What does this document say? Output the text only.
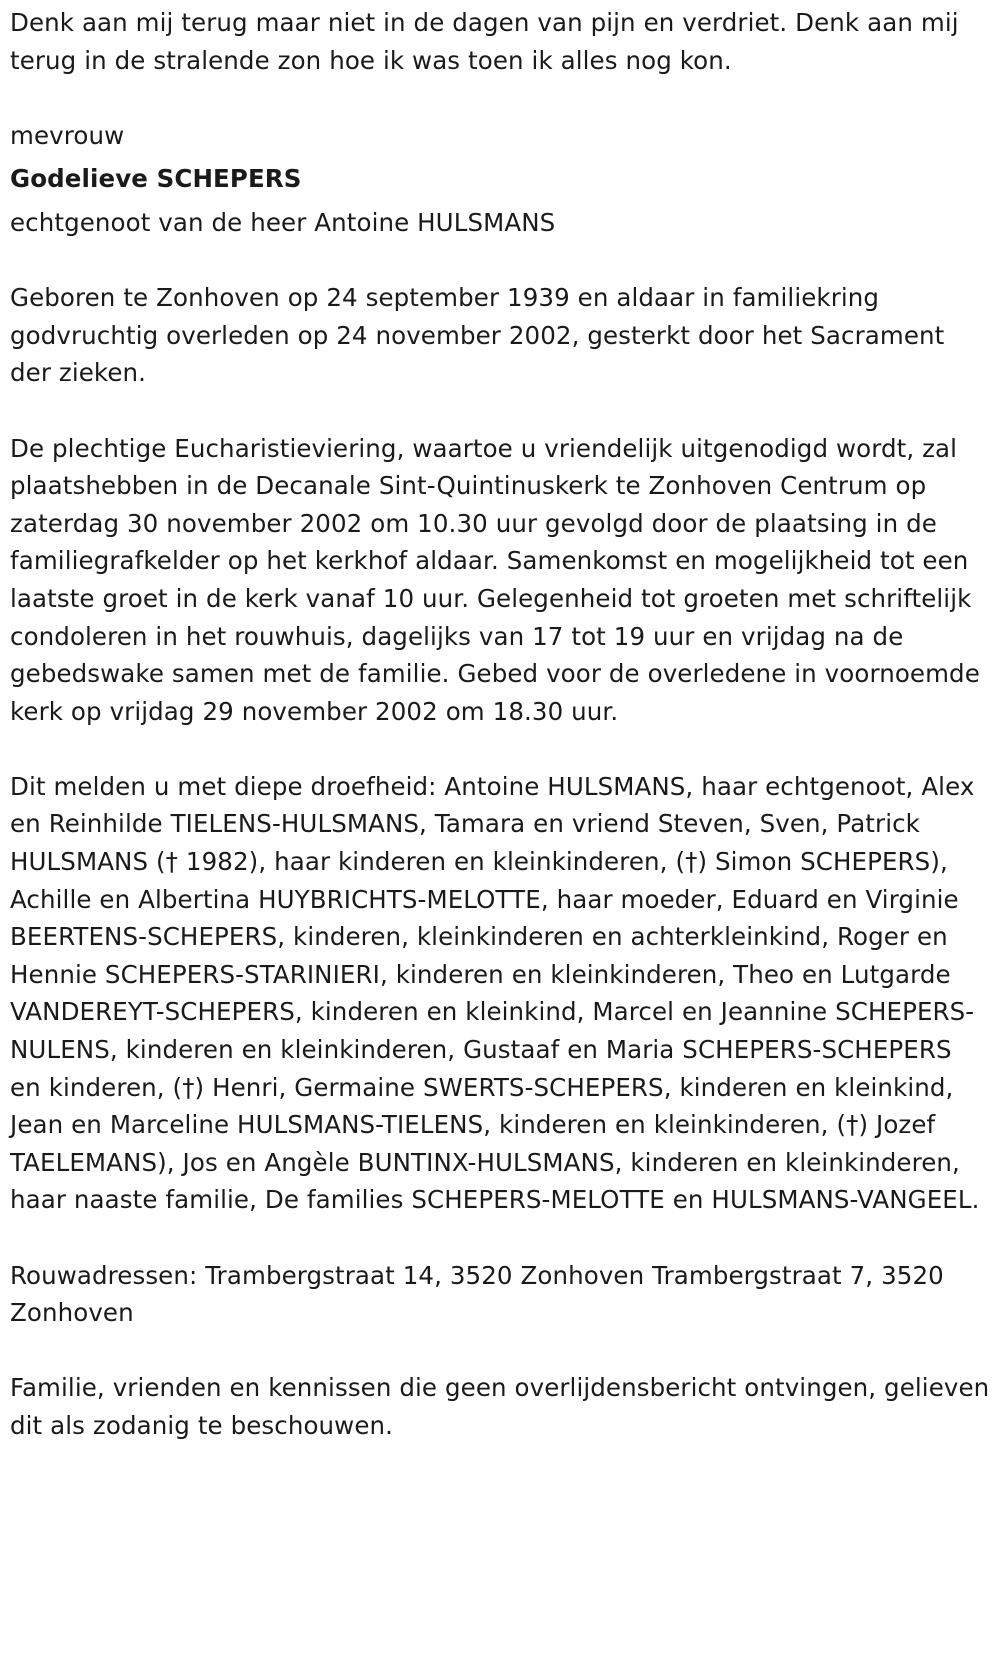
Denk aan mij terug maar niet in de dagen van pijn en verdriet. Denk aan mij terug in de stralende zon hoe ik was toen ik alles nog kon.

mevrouw

Godelieve SCHEPERS

echtgenoot van de heer Antoine HULSMANS

Geboren te Zonhoven op 24 september 1939 en aldaar in familiekring godvruchtig overleden op 24 november 2002, gesterkt door het Sacrament der zieken.

De plechtige Eucharistieviering, waartoe u vriendelijk uitgenodigd wordt, zal plaatshebben in de Decanale Sint-Quintinuskerk te Zonhoven Centrum op zaterdag 30 november 2002 om 10.30 uur gevolgd door de plaatsing in de familiegrafkelder op het kerkhof aldaar. Samenkomst en mogelijkheid tot een laatste groet in de kerk vanaf 10 uur. Gelegenheid tot groeten met schriftelijk condoleren in het rouwhuis, dagelijks van 17 tot 19 uur en vrijdag na de gebedswake samen met de familie. Gebed voor de overledene in voornoemde kerk op vrijdag 29 november 2002 om 18.30 uur.

Dit melden u met diepe droefheid: Antoine HULSMANS, haar echtgenoot, Alex en Reinhilde TIELENS-HULSMANS, Tamara en vriend Steven, Sven, Patrick HULSMANS († 1982), haar kinderen en kleinkinderen, (†) Simon SCHEPERS), Achille en Albertina HUYBRICHTS-MELOTTE, haar moeder, Eduard en Virginie BEERTENS-SCHEPERS, kinderen, kleinkinderen en achterkleinkind, Roger en Hennie SCHEPERS-STARINIERI, kinderen en kleinkinderen, Theo en Lutgarde VANDEREYT-SCHEPERS, kinderen en kleinkind, Marcel en Jeannine SCHEPERS-NULENS, kinderen en kleinkinderen, Gustaaf en Maria SCHEPERS-SCHEPERS en kinderen, (†) Henri, Germaine SWERTS-SCHEPERS, kinderen en kleinkind, Jean en Marceline HULSMANS-TIELENS, kinderen en kleinkinderen, (†) Jozef TAELEMANS), Jos en Angèle BUNTINX-HULSMANS, kinderen en kleinkinderen, haar naaste familie, De families SCHEPERS-MELOTTE en HULSMANS-VANGEEL.

Rouwadressen: Trambergstraat 14, 3520 Zonhoven Trambergstraat 7, 3520 Zonhoven

Familie, vrienden en kennissen die geen overlijdensbericht ontvingen, gelieven dit als zodanig te beschouwen.
